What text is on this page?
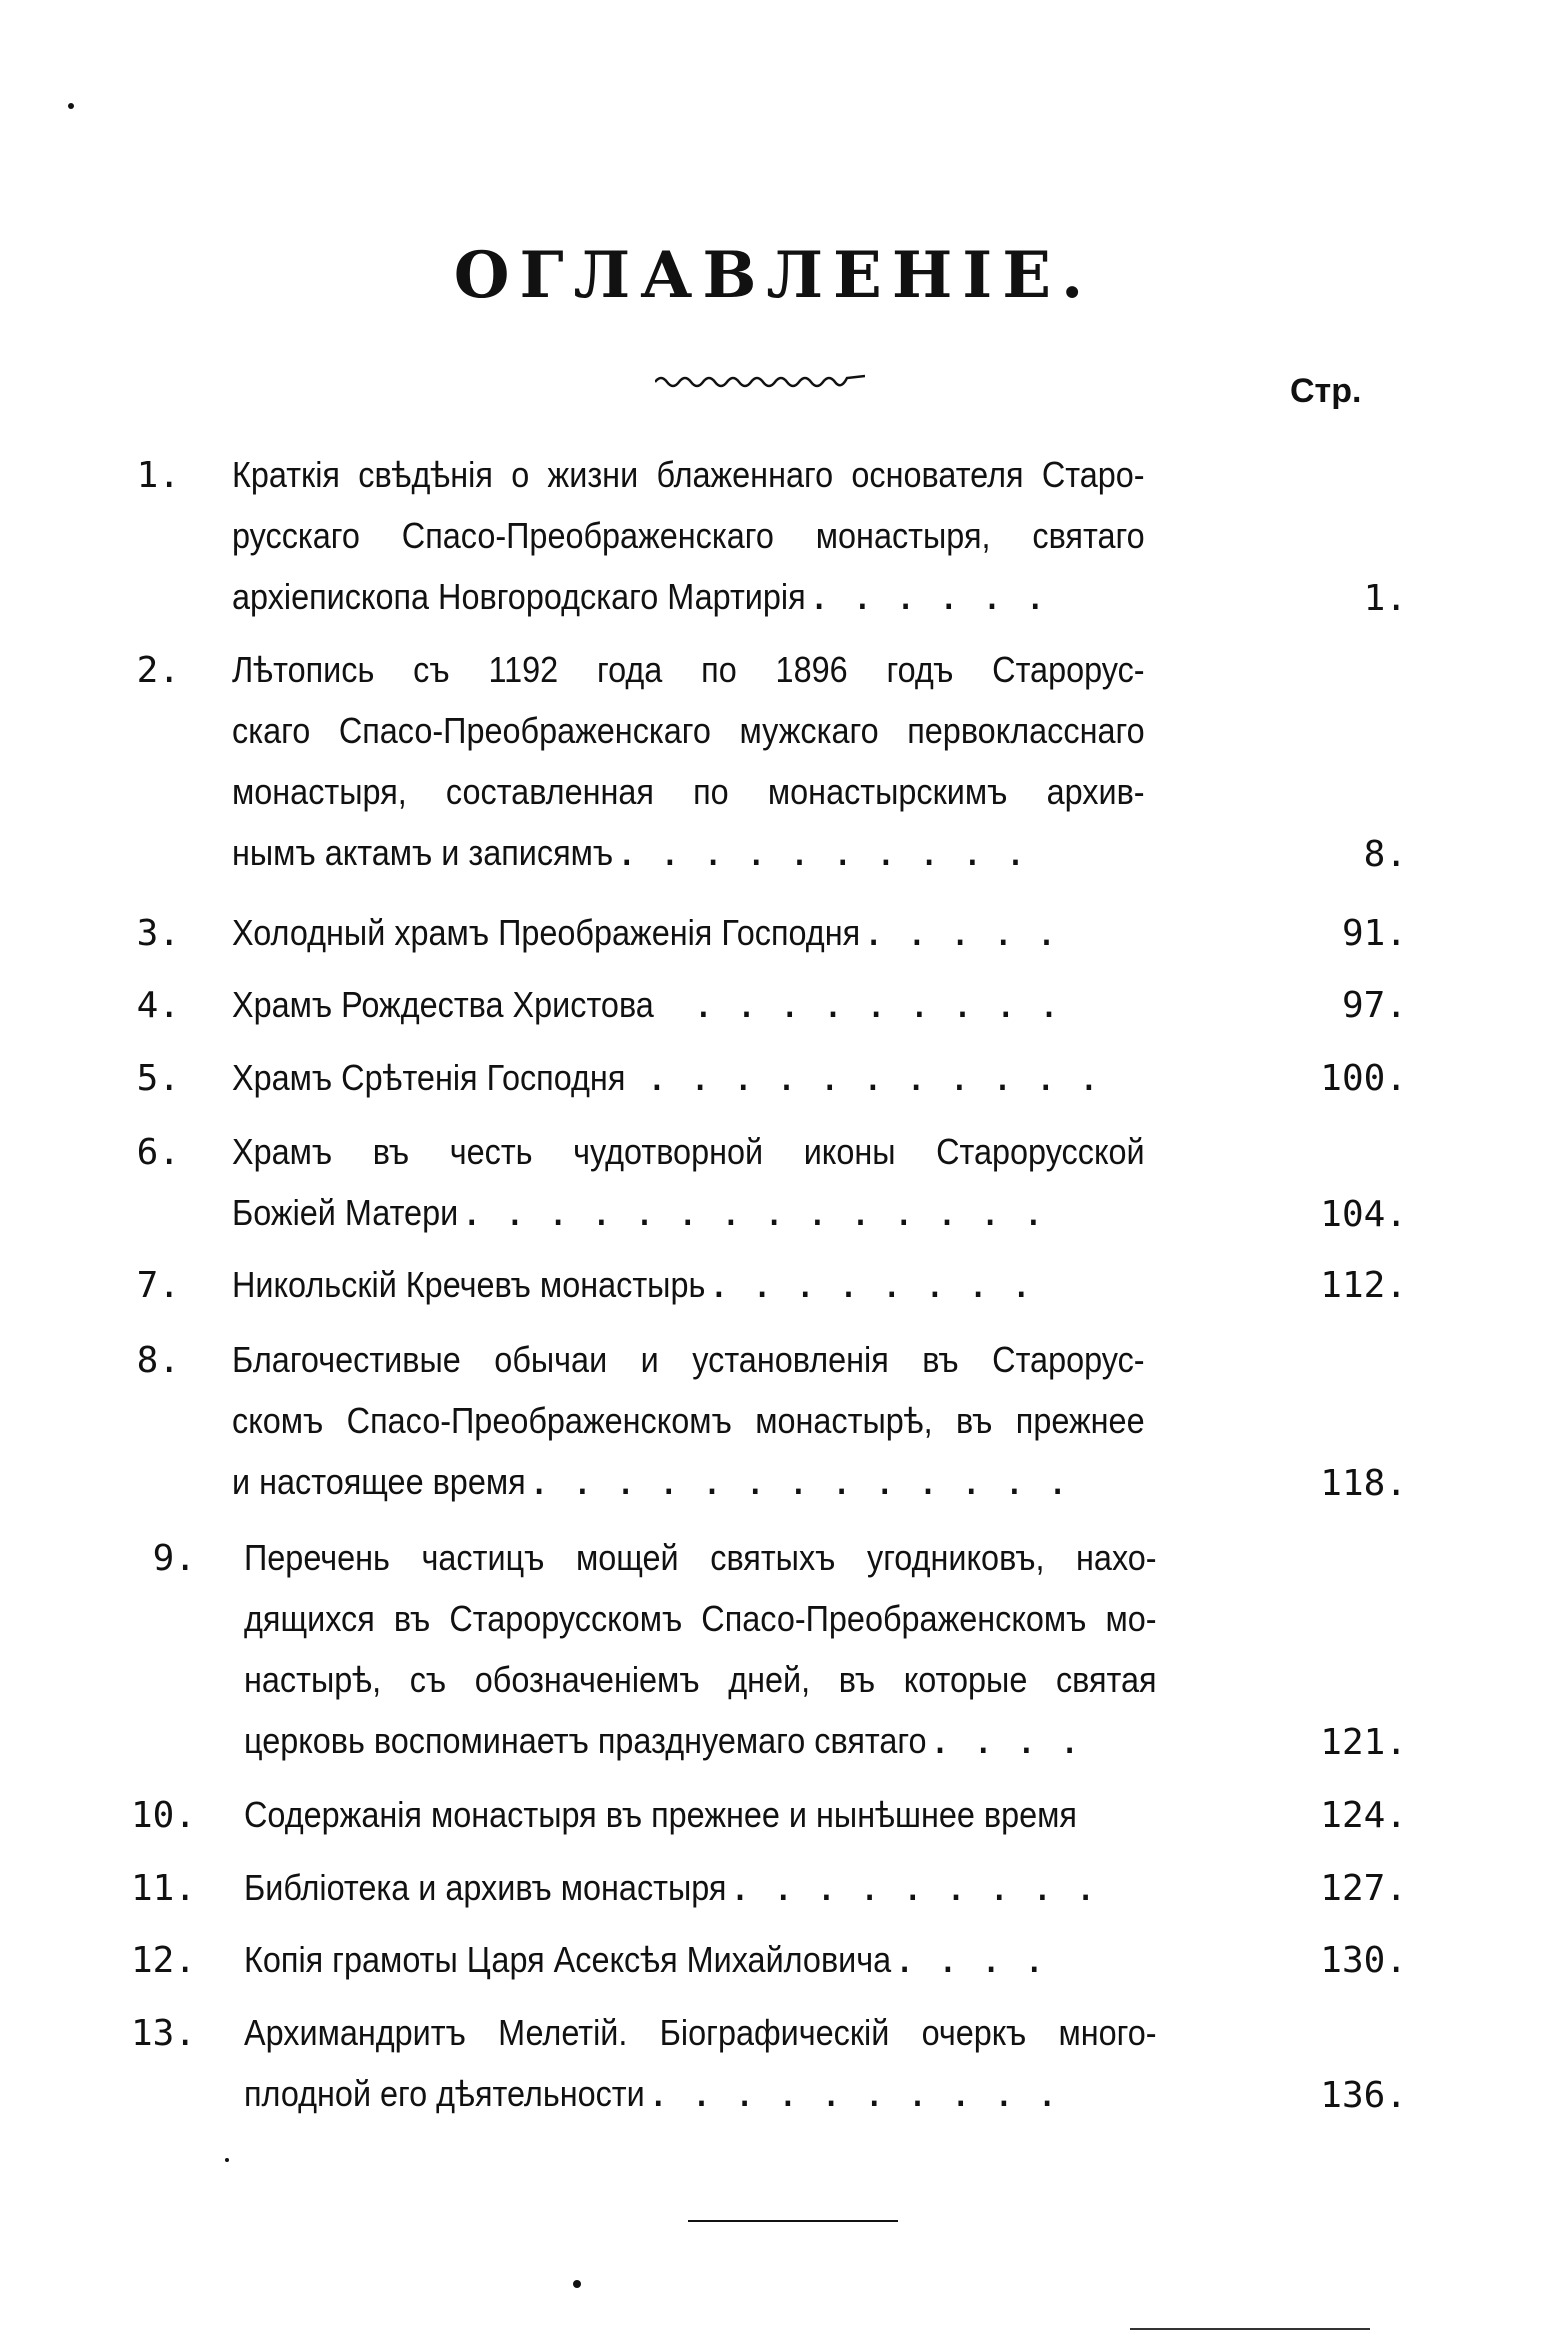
ОГЛАВЛЕНІЕ.
Стр.
1. Краткія свѣдѣнія о жизни блаженнаго основателя Старо-
русскаго Спасо-Преображенскаго монастыря, святаго
архіепископа Новгородскаго Мартирія . . . . . .	1.
2. Лѣтопись съ 1192 года по 1896 годъ Старорус-
скаго Спасо-Преображенскаго мужскаго первокласснаго
монастыря, составленная по монастырскимъ архив-
нымъ актамъ и записямъ . . . . . . . . . .	8.
3. Холодный храмъ Преображенія Господня . . . . .	91.
4. Храмъ Рождества Христова . . . . . . . . .	97.
5. Храмъ Срѣтенія Господня . . . . . . . . . . .	100.
6. Храмъ въ честь чудотворной иконы Старорусской
Божіей Матери . . . . . . . . . . . . . .	104.
7. Никольскій Кречевъ монастырь . . . . . . . .	112.
8. Благочестивые обычаи и установленія въ Старорус-
скомъ Спасо-Преображенскомъ монастырѣ, въ прежнее
и настоящее время . . . . . . . . . . . . .	118.
9. Перечень частицъ мощей святыхъ угодниковъ, нахо-
дящихся въ Старорусскомъ Спасо-Преображенскомъ мо-
настырѣ, съ обозначеніемъ дней, въ которые святая
церковь воспоминаетъ празднуемаго святаго . . . .	121.
10. Содержанія монастыря въ прежнее и нынѣшнее время	124.
11. Библіотека и архивъ монастыря . . . . . . . . .	127.
12. Копія грамоты Царя Асексѣя Михайловича . . . .	130.
13. Архимандритъ Мелетій. Біографическій очеркъ много-
плодной его дѣятельности . . . . . . . . . .	136.
